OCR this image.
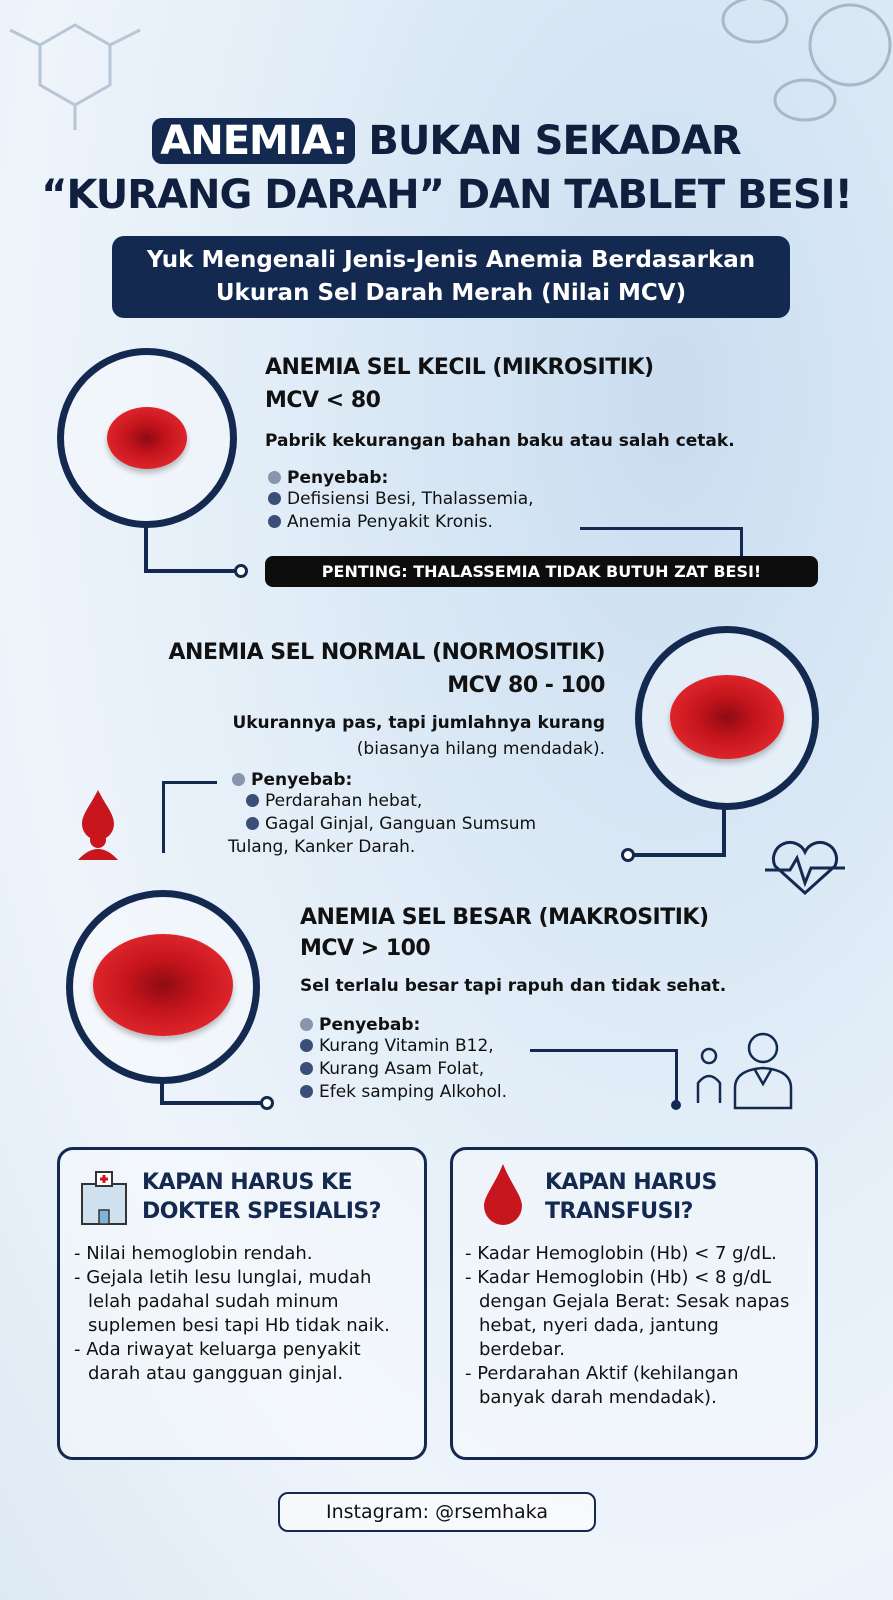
ANEMIA: BUKAN SEKADAR
“KURANG DARAH” DAN TABLET BESI!
Yuk Mengenali Jenis-Jenis Anemia Berdasarkan
Ukuran Sel Darah Merah (Nilai MCV)
ANEMIA SEL KECIL (MIKROSITIK)
MCV < 80
Pabrik kekurangan bahan baku atau salah cetak.
Penyebab:
Defisiensi Besi, Thalassemia,
Anemia Penyakit Kronis.
PENTING: THALASSEMIA TIDAK BUTUH ZAT BESI!
ANEMIA SEL NORMAL (NORMOSITIK)
MCV 80 - 100
Ukurannya pas, tapi jumlahnya kurang
(biasanya hilang mendadak).
Penyebab:
Perdarahan hebat,
Gagal Ginjal, Ganguan Sumsum
Tulang, Kanker Darah.
ANEMIA SEL BESAR (MAKROSITIK)
MCV > 100
Sel terlalu besar tapi rapuh dan tidak sehat.
Penyebab:
Kurang Vitamin B12,
Kurang Asam Folat,
Efek samping Alkohol.
KAPAN HARUS KE
DOKTER SPESIALIS?
- Nilai hemoglobin rendah.
- Gejala letih lesu lunglai, mudah lelah padahal sudah minum suplemen besi tapi Hb tidak naik.
- Ada riwayat keluarga penyakit darah atau gangguan ginjal.
KAPAN HARUS
TRANSFUSI?
- Kadar Hemoglobin (Hb) < 7 g/dL.
- Kadar Hemoglobin (Hb) < 8 g/dL dengan Gejala Berat: Sesak napas hebat, nyeri dada, jantung berdebar.
- Perdarahan Aktif (kehilangan banyak darah mendadak).
Instagram: @rsemhaka
